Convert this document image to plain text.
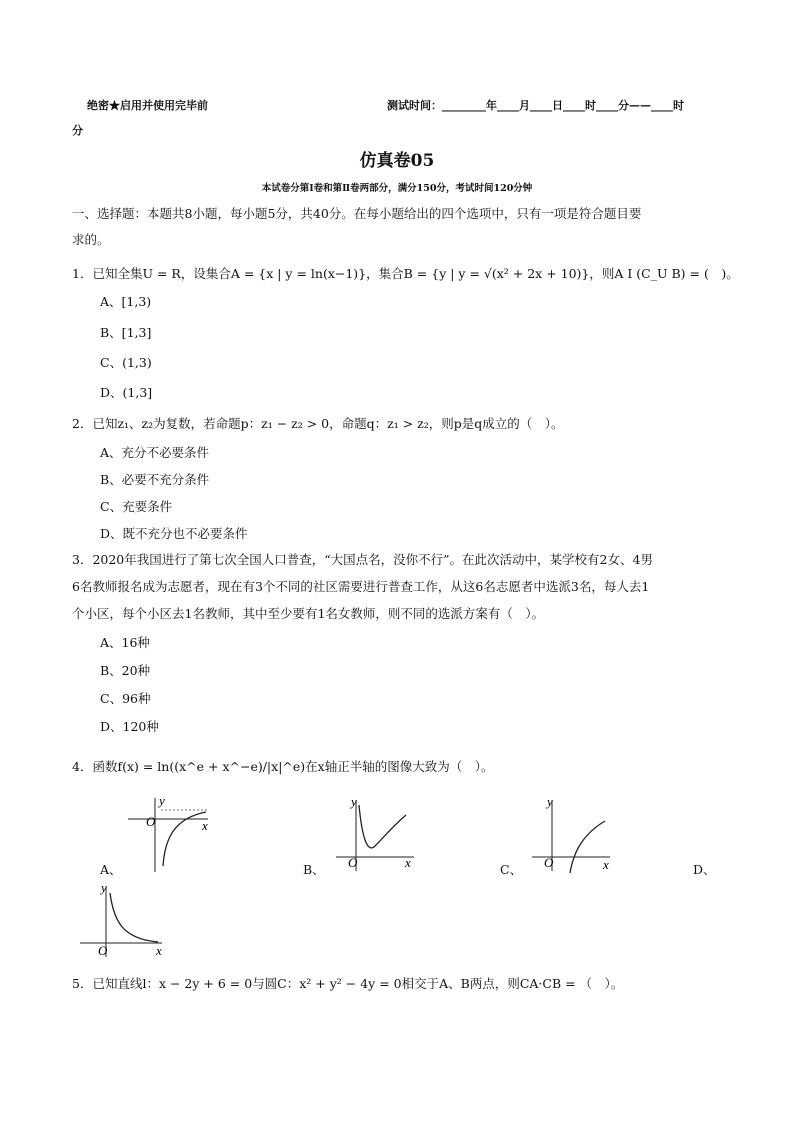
绝密★启用并使用完毕前	测试时间：________年____月____日____时____分——____时
分
仿真卷05
本试卷分第Ⅰ卷和第Ⅱ卷两部分，满分150分，考试时间120分钟
一、选择题：本题共8小题，每小题5分，共40分。在每小题给出的四个选项中，只有一项是符合题目要
求的。
1．已知全集U = R，设集合A = {x | y = ln(x−1)}，集合B = {y | y = √(x² + 2x + 10)}，则A I (C_U B) = (　)。
A、[1,3)
B、[1,3]
C、(1,3)
D、(1,3]
2．已知z₁、z₂为复数，若命题p：z₁ − z₂ > 0，命题q：z₁ > z₂，则p是q成立的（　）。
A、充分不必要条件
B、必要不充分条件
C、充要条件
D、既不充分也不必要条件
3．2020年我国进行了第七次全国人口普查，“大国点名，没你不行”。在此次活动中，某学校有2女、4男
6名教师报名成为志愿者，现在有3个不同的社区需要进行普查工作，从这6名志愿者中选派3名，每人去1
个小区，每个小区去1名教师，其中至少要有1名女教师，则不同的选派方案有（　）。
A、16种
B、20种
C、96种
D、120种
4．函数f(x) = ln((x^e + x^−e)/|x|^e)在x轴正半轴的图像大致为（　）。
A、
y
x
O
B、
y
x
O	C、
y
x
O	D、
y
x
O
5．已知直线l：x − 2y + 6 = 0与圆C：x² + y² − 4y = 0相交于A、B两点，则CA·CB = （　）。
